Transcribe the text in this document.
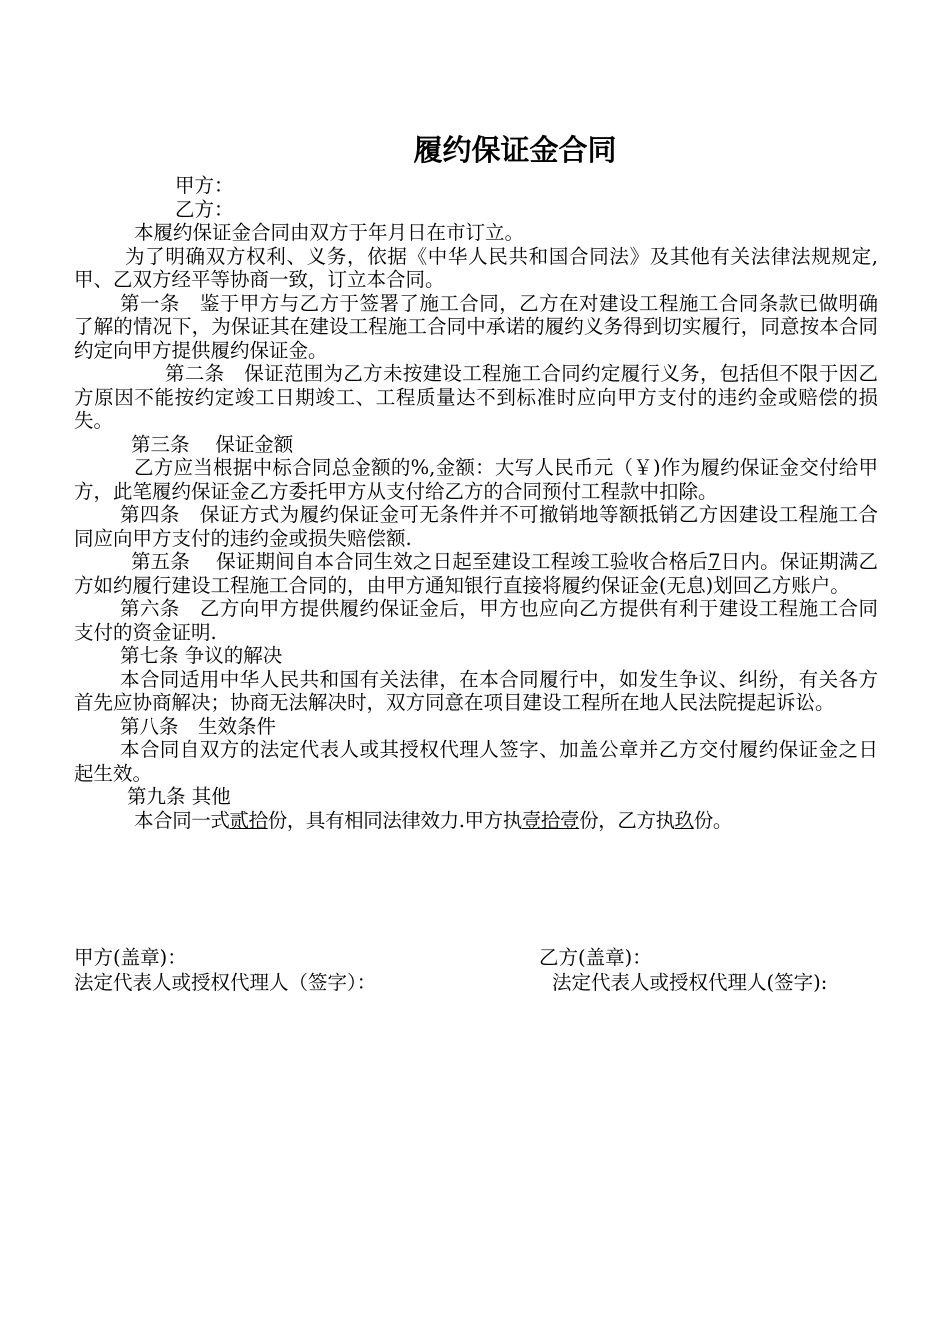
履约保证金合同
甲方：
乙方：
本履约保证金合同由双方于年月日在市订立。

为了明确双方权利、义务，依据《中华人民共和国合同法》及其他有关法律法规规定,甲、乙双方经平等协商一致，订立本合同。

第一条　鉴于甲方与乙方于签署了施工合同，乙方在对建设工程施工合同条款已做明确了解的情况下，为保证其在建设工程施工合同中承诺的履约义务得到切实履行，同意按本合同约定向甲方提供履约保证金。

第二条　保证范围为乙方未按建设工程施工合同约定履行义务，包括但不限于因乙方原因不能按约定竣工日期竣工、工程质量达不到标准时应向甲方支付的违约金或赔偿的损失。

第三条　 保证金额

乙方应当根据中标合同总金额的%,金额：大写人民币元（￥)作为履约保证金交付给甲方，此笔履约保证金乙方委托甲方从支付给乙方的合同预付工程款中扣除。

第四条　保证方式为履约保证金可无条件并不可撤销地等额抵销乙方因建设工程施工合同应向甲方支付的违约金或损失赔偿额.

第五条　 保证期间自本合同生效之日起至建设工程竣工验收合格后7日内。保证期满乙方如约履行建设工程施工合同的，由甲方通知银行直接将履约保证金(无息)划回乙方账户。

第六条　乙方向甲方提供履约保证金后，甲方也应向乙方提供有利于建设工程施工合同支付的资金证明.

第七条 争议的解决

本合同适用中华人民共和国有关法律，在本合同履行中，如发生争议、纠纷，有关各方首先应协商解决；协商无法解决时，双方同意在项目建设工程所在地人民法院提起诉讼。

第八条　生效条件

本合同自双方的法定代表人或其授权代理人签字、加盖公章并乙方交付履约保证金之日起生效。

第九条 其他
本合同一式贰拾份，具有相同法律效力.甲方执壹拾壹份，乙方执玖份。
甲方(盖章)：	乙方(盖章)：
法定代表人或授权代理人（签字）：	法定代表人或授权代理人(签字):
